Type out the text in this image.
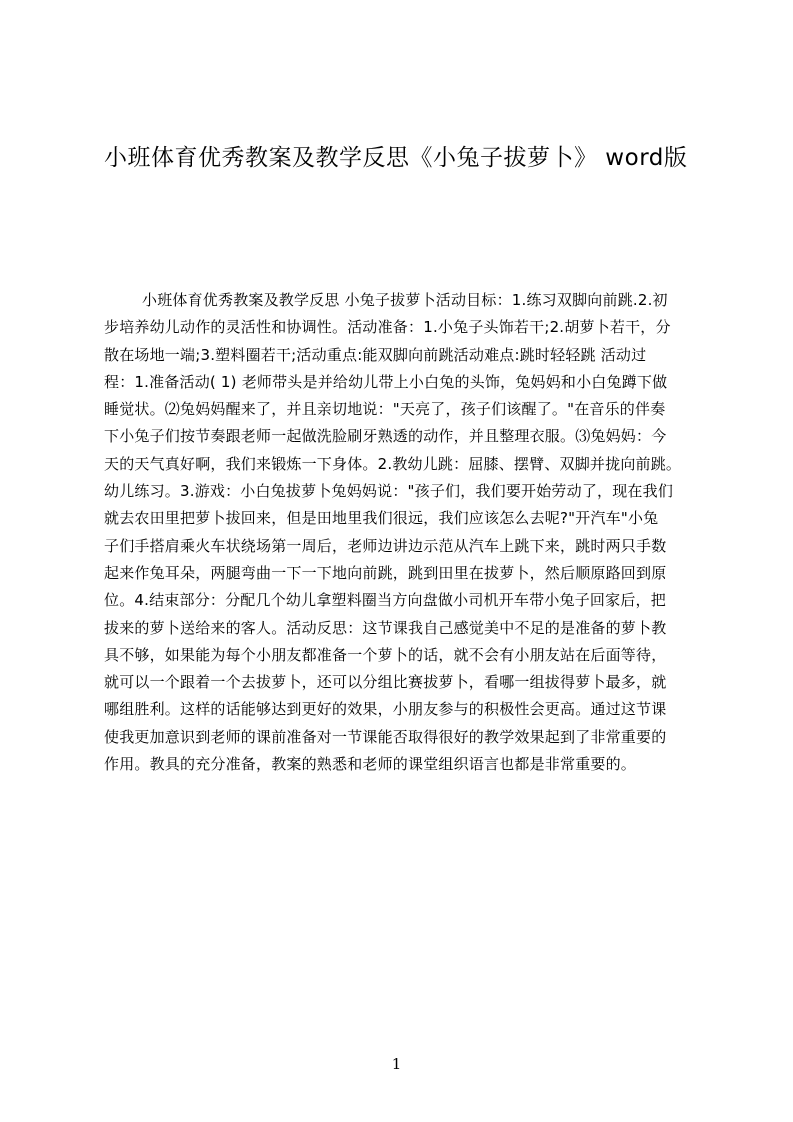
小班体育优秀教案及教学反思《小兔子拔萝卜》 word版
小班体育优秀教案及教学反思 小兔子拔萝卜活动目标：1.练习双脚向前跳.2.初
步培养幼儿动作的灵活性和协调性。活动准备：1.小兔子头饰若干;2.胡萝卜若干，分
散在场地一端;3.塑料圈若干;活动重点:能双脚向前跳活动难点:跳时轻轻跳 活动过
程：1.准备活动( 1) 老师带头是并给幼儿带上小白兔的头饰，兔妈妈和小白兔蹲下做
睡觉状。⑵兔妈妈醒来了，并且亲切地说："天亮了，孩子们该醒了。"在音乐的伴奏
下小兔子们按节奏跟老师一起做洗脸刷牙熟透的动作，并且整理衣服。⑶兔妈妈：今
天的天气真好啊，我们来锻炼一下身体。2.教幼儿跳：屈膝、摆臂、双脚并拢向前跳。
幼儿练习。3.游戏：小白兔拔萝卜兔妈妈说："孩子们，我们要开始劳动了，现在我们
就去农田里把萝卜拔回来，但是田地里我们很远，我们应该怎么去呢?"开汽车"小兔
子们手搭肩乘火车状绕场第一周后，老师边讲边示范从汽车上跳下来，跳时两只手数
起来作兔耳朵，两腿弯曲一下一下地向前跳，跳到田里在拔萝卜，然后顺原路回到原
位。4.结束部分：分配几个幼儿拿塑料圈当方向盘做小司机开车带小兔子回家后，把
拔来的萝卜送给来的客人。活动反思：这节课我自己感觉美中不足的是准备的萝卜教
具不够，如果能为每个小朋友都准备一个萝卜的话，就不会有小朋友站在后面等待，
就可以一个跟着一个去拔萝卜，还可以分组比赛拔萝卜，看哪一组拔得萝卜最多，就
哪组胜利。这样的话能够达到更好的效果，小朋友参与的积极性会更高。通过这节课
使我更加意识到老师的课前准备对一节课能否取得很好的教学效果起到了非常重要的
作用。教具的充分准备，教案的熟悉和老师的课堂组织语言也都是非常重要的。
1
